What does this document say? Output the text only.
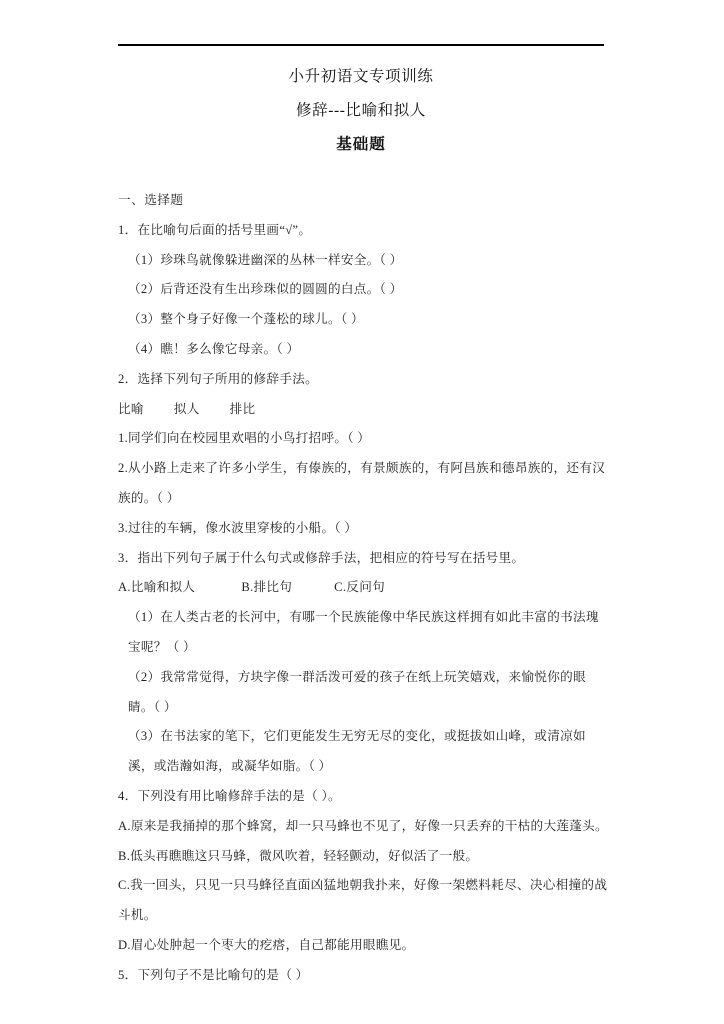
小升初语文专项训练
修辞---比喻和拟人
基础题
一、选择题
1．在比喻句后面的括号里画“√”。
（1）珍珠鸟就像躲进幽深的丛林一样安全。（ ）
（2）后背还没有生出珍珠似的圆圆的白点。（ ）
（3）整个身子好像一个蓬松的球儿。（ ）
（4）瞧！多么像它母亲。（ ）
2．选择下列句子所用的修辞手法。
比喻 拟人 排比
1.同学们向在校园里欢唱的小鸟打招呼。（ ）
2.从小路上走来了许多小学生，有傣族的，有景颇族的，有阿昌族和德昂族的，还有汉族的。（ ）
3.过往的车辆，像水波里穿梭的小船。（ ）
3．指出下列句子属于什么句式或修辞手法，把相应的符号写在括号里。
A.比喻和拟人	B.排比句	C.反问句
（1）在人类古老的长河中，有哪一个民族能像中华民族这样拥有如此丰富的书法瑰宝呢？（ ）
（2）我常常觉得，方块字像一群活泼可爱的孩子在纸上玩笑嬉戏，来愉悦你的眼睛。（ ）
（3）在书法家的笔下，它们更能发生无穷无尽的变化，或挺拔如山峰，或清凉如溪，或浩瀚如海，或凝华如脂。（ ）
4．下列没有用比喻修辞手法的是（ ）。
A.原来是我捅掉的那个蜂窝，却一只马蜂也不见了，好像一只丢弃的干枯的大莲蓬头。
B.低头再瞧瞧这只马蜂，微风吹着，轻轻颤动，好似活了一般。
C.我一回头，只见一只马蜂径直面凶猛地朝我扑来，好像一架燃料耗尽、决心相撞的战斗机。
D.眉心处肿起一个枣大的疙瘩，自己都能用眼瞧见。
5．下列句子不是比喻句的是（ ）
